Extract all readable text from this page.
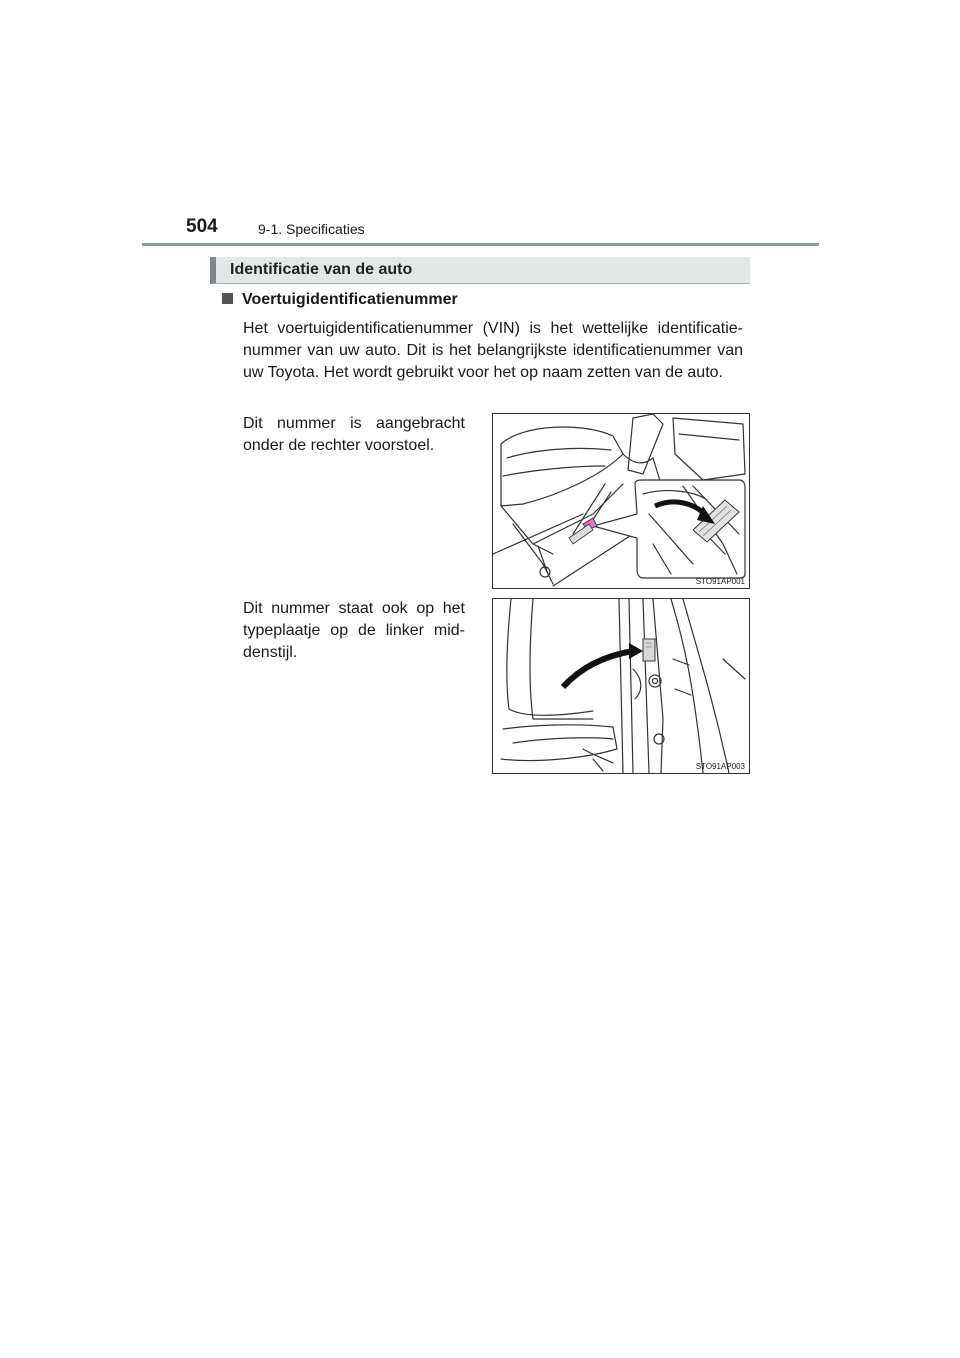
504	9-1. Specificaties
Identificatie van de auto
Voertuigidentificatienummer

Het voertuigidentificatienummer (VIN) is het wettelijke identificatie-nummer van uw auto. Dit is het belangrijkste identificatienummer van uw Toyota. Het wordt gebruikt voor het op naam zetten van de auto.

Dit nummer is aangebracht onder de rechter voorstoel.

Dit nummer staat ook op het typeplaatje op de linker mid-denstijl.

STO91AP001
STO91AP003
